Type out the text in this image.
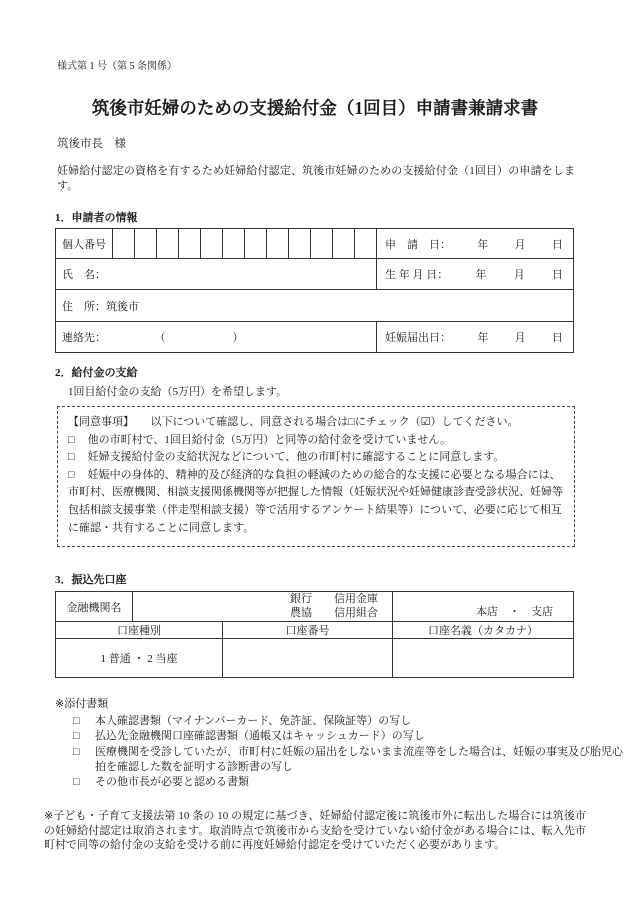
様式第 1 号（第 5 条関係）
筑後市妊婦のための支援給付金（1回目）申請書兼請求書
筑後市長　様
妊婦給付認定の資格を有するため妊婦給付認定、筑後市妊婦のための支援給付金（1回目）の申請をします。
1．申請者の情報
個人番号													申　請　日： 年 月 日

氏　名：													生 年 月 日： 年 月 日

住　所：筑後市													
連絡先： （　　　　　）													妊娠届出日： 年 月 日
2．給付金の支給
1回目給付金の支給（5万円）を希望します。
【同意事項】　　以下について確認し、同意される場合は□にチェック（☑）してください。
□ 他の市町村で、1回目給付金（5万円）と同等の給付金を受けていません。
□ 妊婦支援給付金の支給状況などについて、他の市町村に確認することに同意します。
□ 妊娠中の身体的、精神的及び経済的な負担の軽減のための総合的な支援に必要となる場合には、市町村、医療機関、相談支援関係機関等が把握した情報（妊娠状況や妊婦健康診査受診状況、妊婦等包括相談支援事業（伴走型相談支援）等で活用するアンケート結果等）について、必要に応じて相互に確認・共有することに同意します。
3．振込先口座
金融機関名	銀行　　信用金庫
農協　　信用組合		本店　・　支店

口座種別		口座番号	口座名義（カタカナ）
1 普通 ・ 2 当座			
※添付書類
□	本人確認書類（マイナンバーカード、免許証、保険証等）の写し
□	払込先金融機関口座確認書類（通帳又はキャッシュカード）の写し
□	医療機関を受診していたが、市町村に妊娠の届出をしないまま流産等をした場合は、妊娠の事実及び胎児心拍を確認した数を証明する診断書の写し
□	その他市長が必要と認める書類
※子ども・子育て支援法第 10 条の 10 の規定に基づき、妊婦給付認定後に筑後市外に転出した場合には筑後市の妊婦給付認定は取消されます。取消時点で筑後市から支給を受けていない給付金がある場合には、転入先市町村で同等の給付金の支給を受ける前に再度妊婦給付認定を受けていただく必要があります。
